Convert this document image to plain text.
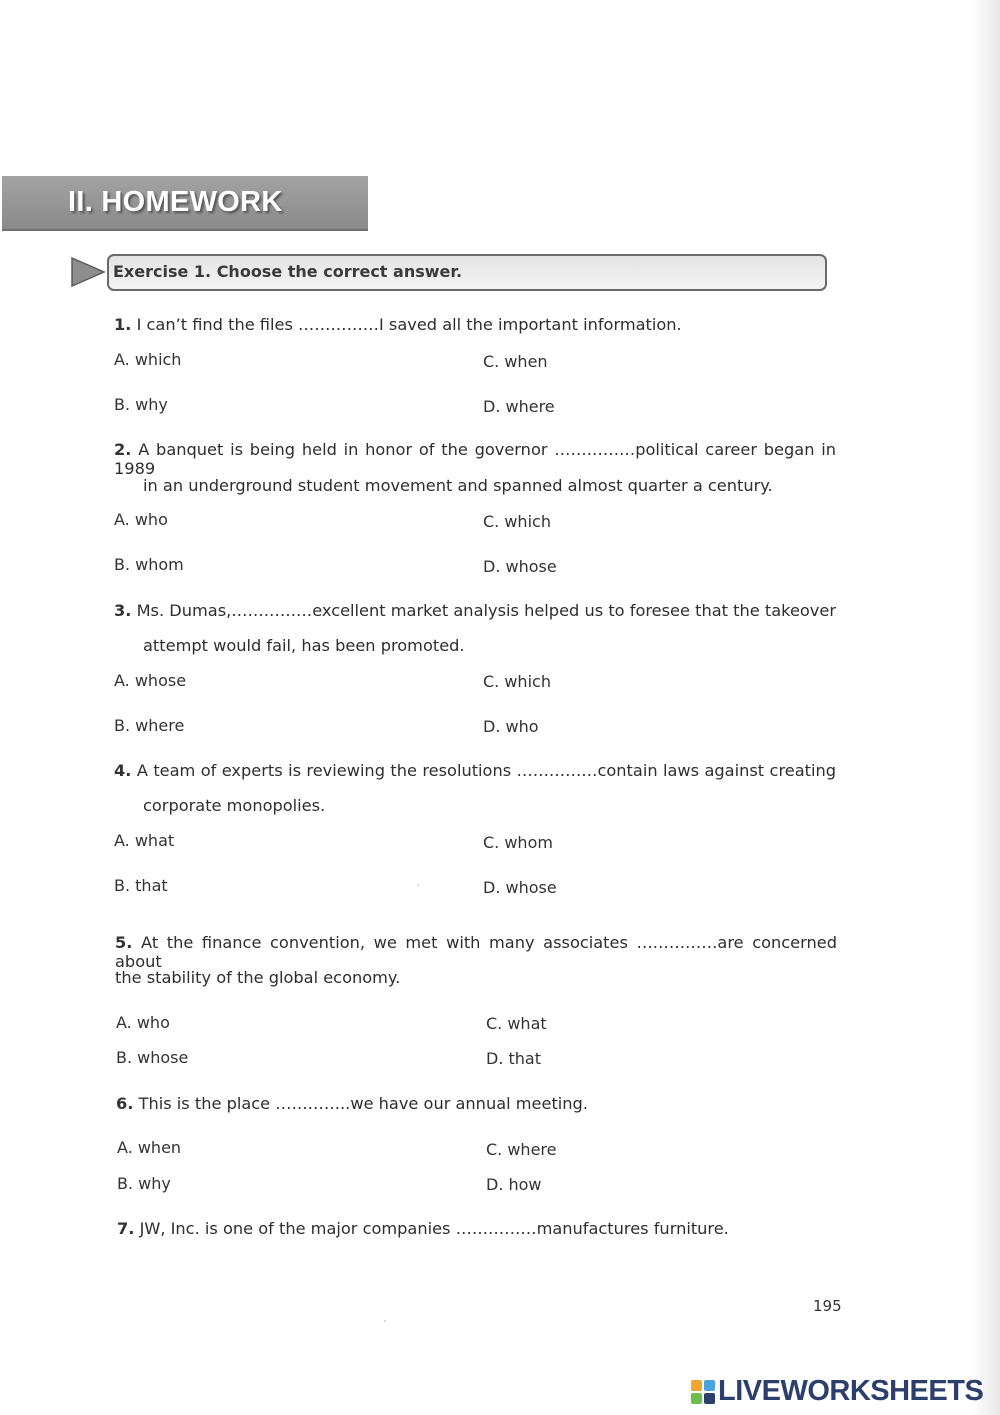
II. HOMEWORK
Exercise 1. Choose the correct answer.
1. I can’t find the files ……………I saved all the important information.
A. which	C. when
B. why	D. where
2. A banquet is being held in honor of the governor ……………political career began in 1989
in an underground student movement and spanned almost quarter a century.
A. who	C. which
B. whom	D. whose
3. Ms. Dumas,……………excellent market analysis helped us to foresee that the takeover
attempt would fail, has been promoted.
A. whose	C. which
B. where	D. who
4. A team of experts is reviewing the resolutions ……………contain laws against creating
corporate monopolies.
A. what	C. whom
B. that	D. whose
5. At the finance convention, we met with many associates ……………are concerned about
the stability of the global economy.
A. who	C. what
B. whose	D. that
6. This is the place …………..we have our annual meeting.
A. when	C. where
B. why	D. how
7. JW, Inc. is one of the major companies ……………manufactures furniture.
195
LIVEWORKSHEETS
